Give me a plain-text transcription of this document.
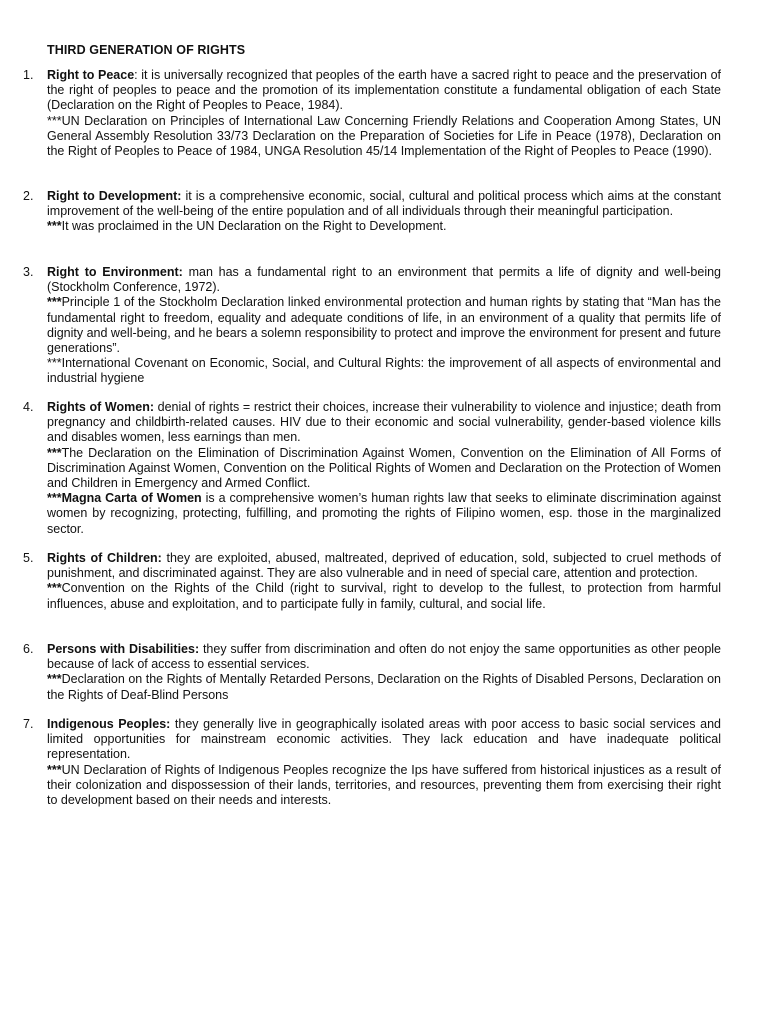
THIRD GENERATION OF RIGHTS
1.	Right to Peace: it is universally recognized that peoples of the earth have a sacred right to peace and the preservation of the right of peoples to peace and the promotion of its implementation constitute a fundamental obligation of each State (Declaration on the Right of Peoples to Peace, 1984).

***UN Declaration on Principles of International Law Concerning Friendly Relations and Cooperation Among States, UN General Assembly Resolution 33/73 Declaration on the Preparation of Societies for Life in Peace (1978), Declaration on the Right of Peoples to Peace of 1984, UNGA Resolution 45/14 Implementation of the Right of Peoples to Peace (1990).

2.	Right to Development: it is a comprehensive economic, social, cultural and political process which aims at the constant improvement of the well-being of the entire population and of all individuals through their meaningful participation.

***It was proclaimed in the UN Declaration on the Right to Development.

3.	Right to Environment: man has a fundamental right to an environment that permits a life of dignity and well-being (Stockholm Conference, 1972).

***Principle 1 of the Stockholm Declaration linked environmental protection and human rights by stating that “Man has the fundamental right to freedom, equality and adequate conditions of life, in an environment of a quality that permits life of dignity and well-being, and he bears a solemn responsibility to protect and improve the environment for present and future generations”.

***International Covenant on Economic, Social, and Cultural Rights: the improvement of all aspects of environmental and industrial hygiene

4.	Rights of Women: denial of rights = restrict their choices, increase their vulnerability to violence and injustice; death from pregnancy and childbirth-related causes. HIV due to their economic and social vulnerability, gender-based violence kills and disables women, less earnings than men.

***The Declaration on the Elimination of Discrimination Against Women, Convention on the Elimination of All Forms of Discrimination Against Women, Convention on the Political Rights of Women and Declaration on the Protection of Women and Children in Emergency and Armed Conflict.

***Magna Carta of Women is a comprehensive women’s human rights law that seeks to eliminate discrimination against women by recognizing, protecting, fulfilling, and promoting the rights of Filipino women, esp. those in the marginalized sector.

5.	Rights of Children: they are exploited, abused, maltreated, deprived of education, sold, subjected to cruel methods of punishment, and discriminated against. They are also vulnerable and in need of special care, attention and protection.

***Convention on the Rights of the Child (right to survival, right to develop to the fullest, to protection from harmful influences, abuse and exploitation, and to participate fully in family, cultural, and social life.

6.	Persons with Disabilities: they suffer from discrimination and often do not enjoy the same opportunities as other people because of lack of access to essential services.

***Declaration on the Rights of Mentally Retarded Persons, Declaration on the Rights of Disabled Persons, Declaration on the Rights of Deaf-Blind Persons

7.	Indigenous Peoples: they generally live in geographically isolated areas with poor access to basic social services and limited opportunities for mainstream economic activities. They lack education and have inadequate political representation.

***UN Declaration of Rights of Indigenous Peoples recognize the Ips have suffered from historical injustices as a result of their colonization and dispossession of their lands, territories, and resources, preventing them from exercising their right to development based on their needs and interests.
